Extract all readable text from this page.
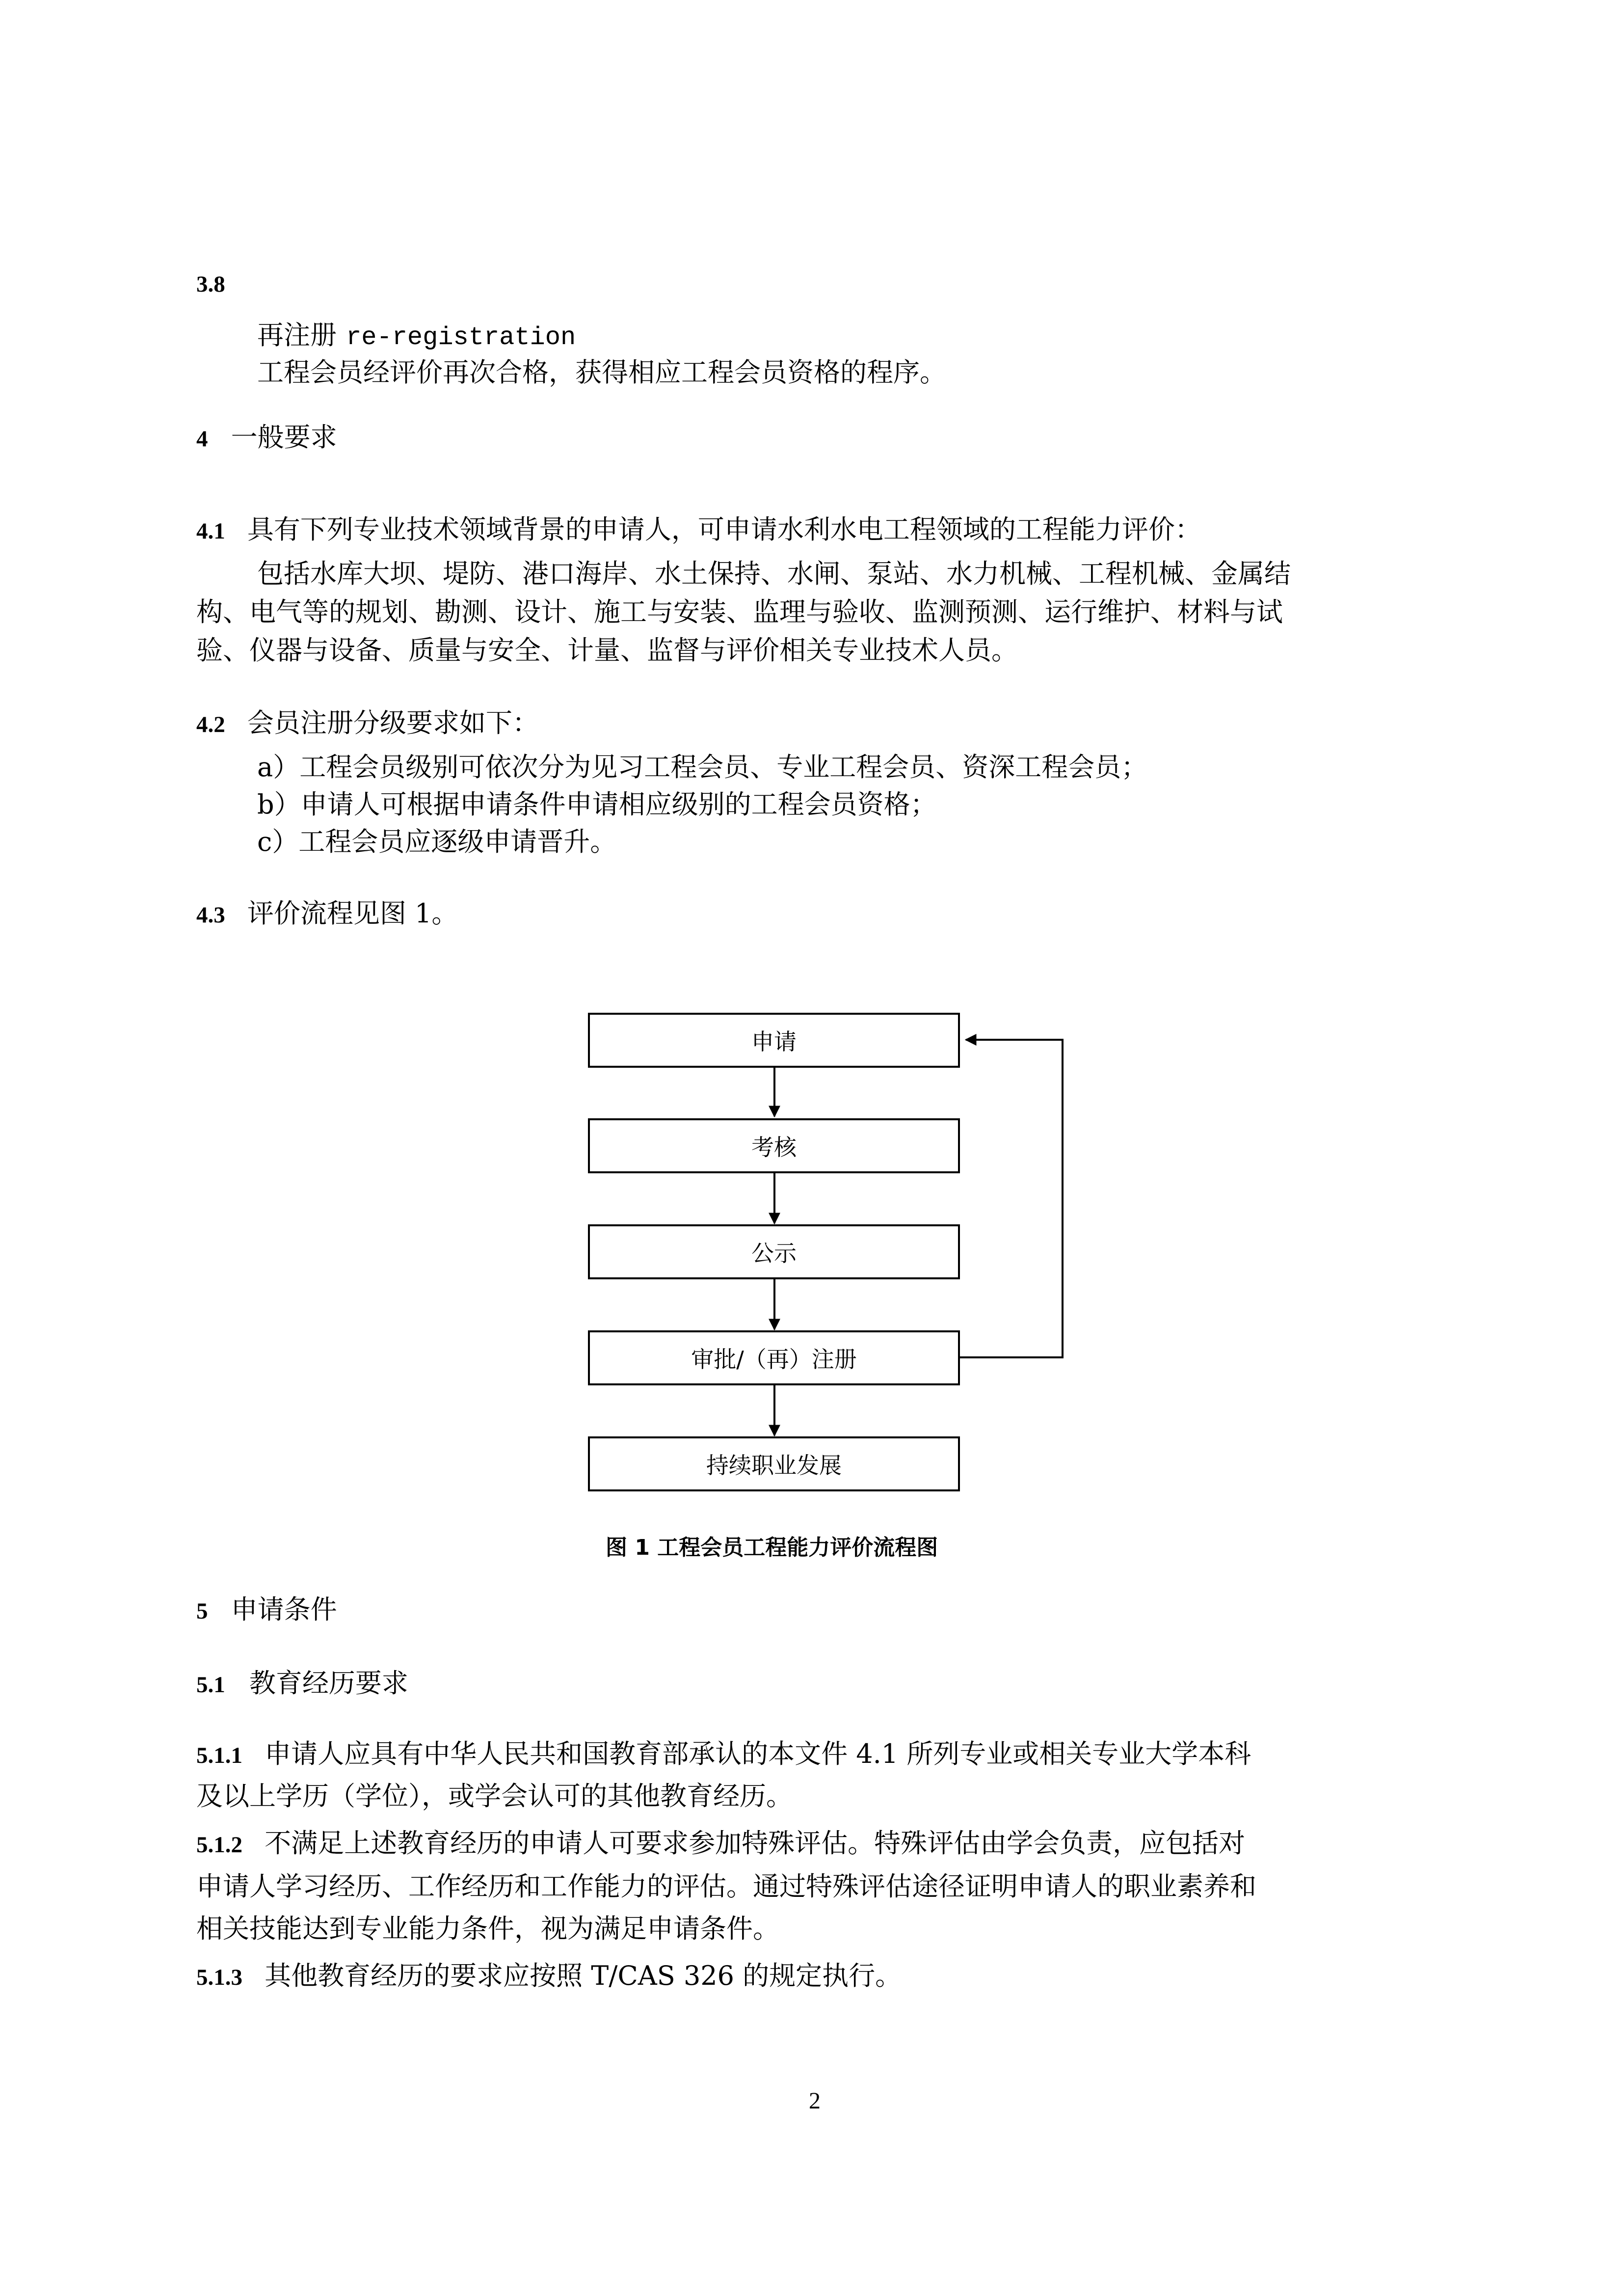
3.8
再注册 re-registration
工程会员经评价再次合格，获得相应工程会员资格的程序。
4 一般要求
4.1 具有下列专业技术领域背景的申请人，可申请水利水电工程领域的工程能力评价：
包括水库大坝、堤防、港口海岸、水土保持、水闸、泵站、水力机械、工程机械、金属结
构、电气等的规划、勘测、设计、施工与安装、监理与验收、监测预测、运行维护、材料与试
验、仪器与设备、质量与安全、计量、监督与评价相关专业技术人员。
4.2 会员注册分级要求如下：
a）工程会员级别可依次分为见习工程会员、专业工程会员、资深工程会员；
b）申请人可根据申请条件申请相应级别的工程会员资格；
c）工程会员应逐级申请晋升。
4.3 评价流程见图 1。
申请
考核
公示
审批/（再）注册
持续职业发展
图 1 工程会员工程能力评价流程图
5 申请条件
5.1 教育经历要求
5.1.1 申请人应具有中华人民共和国教育部承认的本文件 4.1 所列专业或相关专业大学本科
及以上学历（学位），或学会认可的其他教育经历。
5.1.2 不满足上述教育经历的申请人可要求参加特殊评估。特殊评估由学会负责，应包括对
申请人学习经历、工作经历和工作能力的评估。通过特殊评估途径证明申请人的职业素养和
相关技能达到专业能力条件，视为满足申请条件。
5.1.3 其他教育经历的要求应按照 T/CAS 326 的规定执行。
2
